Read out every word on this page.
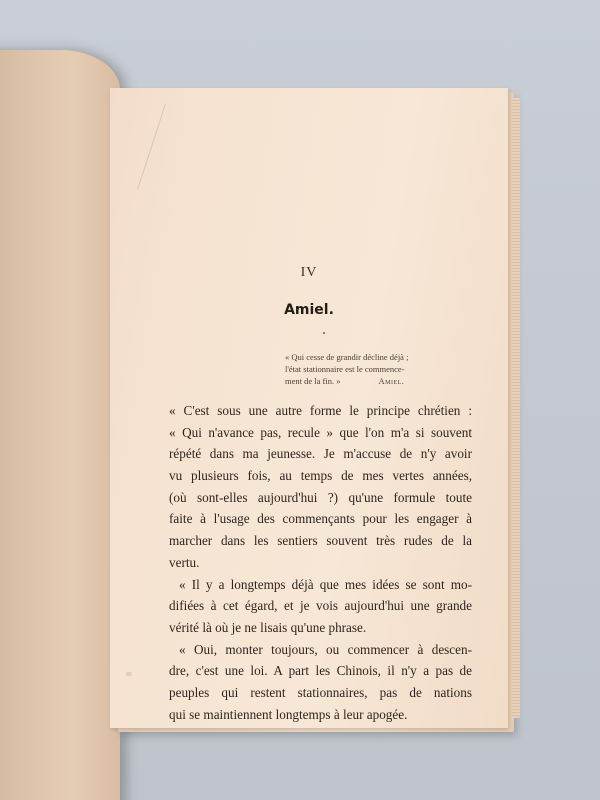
IV
Amiel.
« Qui cesse de grandir décline déjà ;
l'état stationnaire est le commence-
ment de la fin. »	Amiel.
« C'est sous une autre forme le principe chrétien :
« Qui n'avance pas, recule » que l'on m'a si souvent
répété dans ma jeunesse. Je m'accuse de n'y avoir
vu plusieurs fois, au temps de mes vertes années,
(où sont-elles aujourd'hui ?) qu'une formule toute
faite à l'usage des commençants pour les engager à
marcher dans les sentiers souvent très rudes de la
vertu.
« Il y a longtemps déjà que mes idées se sont mo-
difiées à cet égard, et je vois aujourd'hui une grande
vérité là où je ne lisais qu'une phrase.
« Oui, monter toujours, ou commencer à descen-
dre, c'est une loi. A part les Chinois, il n'y a pas de
peuples qui restent stationnaires, pas de nations
qui se maintiennent longtemps à leur apogée.
